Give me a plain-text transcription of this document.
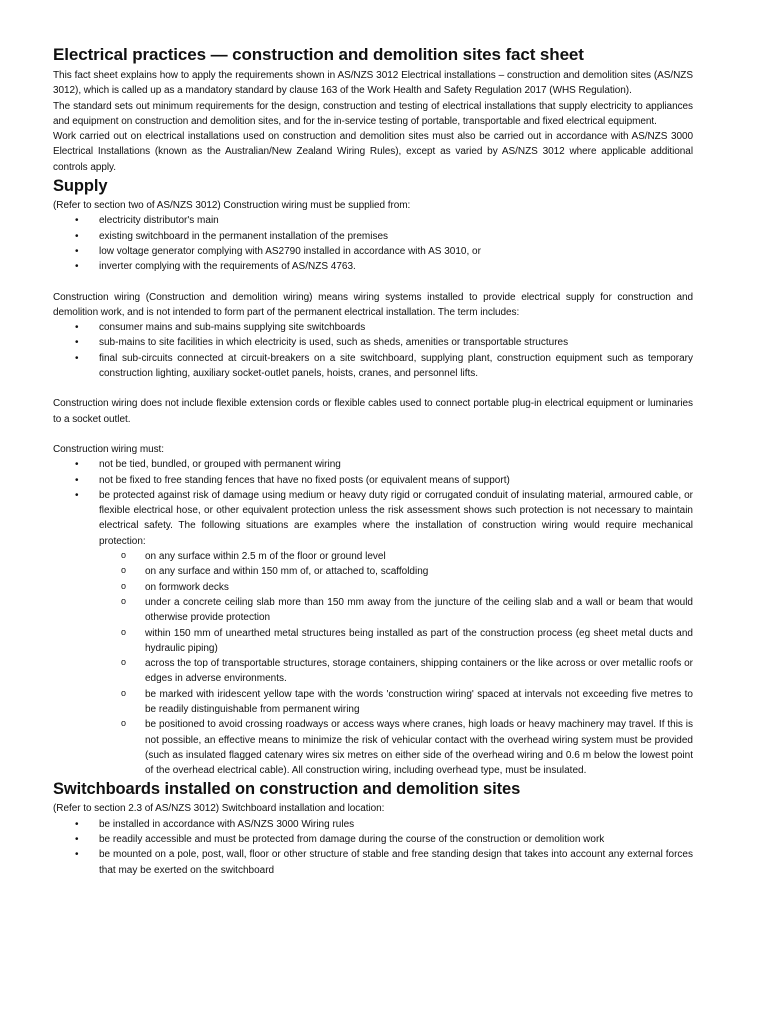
Electrical practices — construction and demolition sites fact sheet

This fact sheet explains how to apply the requirements shown in AS/NZS 3012 Electrical installations – construction and demolition sites (AS/NZS 3012), which is called up as a mandatory standard by clause 163 of the Work Health and Safety Regulation 2017 (WHS Regulation).

The standard sets out minimum requirements for the design, construction and testing of electrical installations that supply electricity to appliances and equipment on construction and demolition sites, and for the in-service testing of portable, transportable and fixed electrical equipment.

Work carried out on electrical installations used on construction and demolition sites must also be carried out in accordance with AS/NZS 3000 Electrical Installations (known as the Australian/New Zealand Wiring Rules), except as varied by AS/NZS 3012 where applicable additional controls apply.

Supply

(Refer to section two of AS/NZS 3012) Construction wiring must be supplied from:

• electricity distributor's main
• existing switchboard in the permanent installation of the premises
• low voltage generator complying with AS2790 installed in accordance with AS 3010, or
• inverter complying with the requirements of AS/NZS 4763.

Construction wiring (Construction and demolition wiring) means wiring systems installed to provide electrical supply for construction and demolition work, and is not intended to form part of the permanent electrical installation. The term includes:

• consumer mains and sub-mains supplying site switchboards
• sub-mains to site facilities in which electricity is used, such as sheds, amenities or transportable structures
• final sub-circuits connected at circuit-breakers on a site switchboard, supplying plant, construction equipment such as temporary construction lighting, auxiliary socket-outlet panels, hoists, cranes, and personnel lifts.

Construction wiring does not include flexible extension cords or flexible cables used to connect portable plug-in electrical equipment or luminaries to a socket outlet.

Construction wiring must:

• not be tied, bundled, or grouped with permanent wiring
• not be fixed to free standing fences that have no fixed posts (or equivalent means of support)
• be protected against risk of damage using medium or heavy duty rigid or corrugated conduit of insulating material, armoured cable, or flexible electrical hose, or other equivalent protection unless the risk assessment shows such protection is not necessary to maintain electrical safety. The following situations are examples where the installation of construction wiring would require mechanical protection:
o on any surface within 2.5 m of the floor or ground level
o on any surface and within 150 mm of, or attached to, scaffolding
o on formwork decks
o under a concrete ceiling slab more than 150 mm away from the juncture of the ceiling slab and a wall or beam that would otherwise provide protection
o within 150 mm of unearthed metal structures being installed as part of the construction process (eg sheet metal ducts and hydraulic piping)
o across the top of transportable structures, storage containers, shipping containers or the like across or over metallic roofs or edges in adverse environments.
o be marked with iridescent yellow tape with the words 'construction wiring' spaced at intervals not exceeding five metres to be readily distinguishable from permanent wiring
o be positioned to avoid crossing roadways or access ways where cranes, high loads or heavy machinery may travel. If this is not possible, an effective means to minimize the risk of vehicular contact with the overhead wiring system must be provided (such as insulated flagged catenary wires six metres on either side of the overhead wiring and 0.6 m below the lowest point of the overhead electrical cable). All construction wiring, including overhead type, must be insulated.
Switchboards installed on construction and demolition sites

(Refer to section 2.3 of AS/NZS 3012) Switchboard installation and location:

• be installed in accordance with AS/NZS 3000 Wiring rules
• be readily accessible and must be protected from damage during the course of the construction or demolition work
• be mounted on a pole, post, wall, floor or other structure of stable and free standing design that takes into account any external forces that may be exerted on the switchboard
